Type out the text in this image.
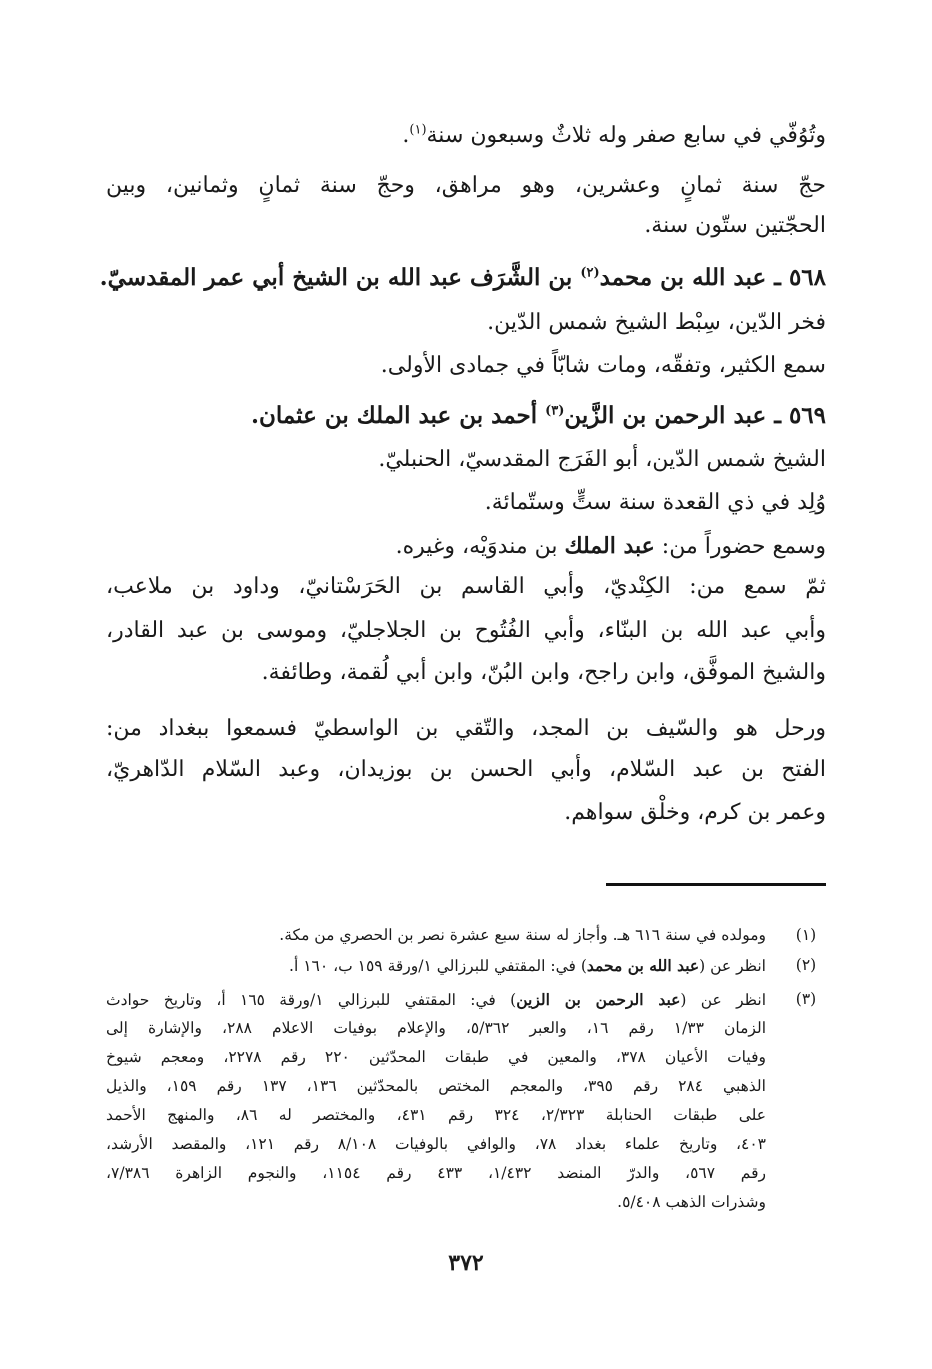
وتُوُفّي في سابع صفر وله ثلاثٌ وسبعون سنة$^{(١)}$.
حجّ سنة ثمانٍ وعشرين، وهو مراهق، وحجّ سنة ثمانٍ وثمانين، وبين
الحجّتين ستّون سنة.
٥٦٨ ـ عبد الله بن محمد$^{(٢)}$ بن الشَّرَف عبد الله بن الشيخ أبي عمر المقدسيّ.
فخر الدّين، سِبْط الشيخ شمس الدّين.
سمع الكثير، وتفقّه، ومات شابّاً في جمادى الأولى.
٥٦٩ ـ عبد الرحمن بن الزَّين$^{(٣)}$ أحمد بن عبد الملك بن عثمان.
الشيخ شمس الدّين، أبو الفَرَج المقدسيّ، الحنبليّ.
وُلِد في ذي القعدة سنة ستٍّ وستّمائة.
وسمع حضوراً من: عبد الملك بن مندوَيْه، وغيره.
ثمّ سمع من: الكِنْديّ، وأبي القاسم بن الحَرَسْتانيّ، وداود بن ملاعب،
وأبي عبد الله بن البنّاء، وأبي الفُتُوح بن الجلاجليّ، وموسى بن عبد القادر،
والشيخ الموفَّق، وابن راجح، وابن البُنّ، وابن أبي لُقمة، وطائفة.
ورحل هو والسّيف بن المجد، والتّقي بن الواسطيّ فسمعوا ببغداد من:
الفتح بن عبد السّلام، وأبي الحسن بن بوزيدان، وعبد السّلام الدّاهريّ،
وعمر بن كرم، وخلْق سواهم.
(١)
ومولده في سنة ٦١٦ هـ. وأجاز له سنة سبع عشرة نصر بن الحصري من مكة.
(٢)
انظر عن (عبد الله بن محمد) في: المقتفي للبرزالي ١/ورقة ١٥٩ ب، ١٦٠ أ.
(٣)
انظر عن (عبد الرحمن بن الزين) في: المقتفي للبرزالي ١/ورقة ١٦٥ أ، وتاريخ حوادث
الزمان ١/٣٣ رقم ١٦، والعبر ٥/٣٦٢، والإعلام بوفيات الاعلام ٢٨٨، والإشارة إلى
وفيات الأعيان ٣٧٨، والمعين في طبقات المحدّثين ٢٢٠ رقم ٢٢٧٨، ومعجم شيوخ
الذهبي ٢٨٤ رقم ٣٩٥، والمعجم المختص بالمحدّثين ١٣٦، ١٣٧ رقم ١٥٩، والذيل
على طبقات الحنابلة ٢/٣٢٣، ٣٢٤ رقم ٤٣١، والمختصر له ٨٦، والمنهج الأحمد
٤٠٣، وتاريخ علماء بغداد ٧٨، والوافي بالوفيات ٨/١٠٨ رقم ١٢١، والمقصد الأرشد،
رقم ٥٦٧، والدرّ المنضد ١/٤٣٢، ٤٣٣ رقم ١١٥٤، والنجوم الزاهرة ٧/٣٨٦،
وشذرات الذهب ٥/٤٠٨.
٣٧٢
